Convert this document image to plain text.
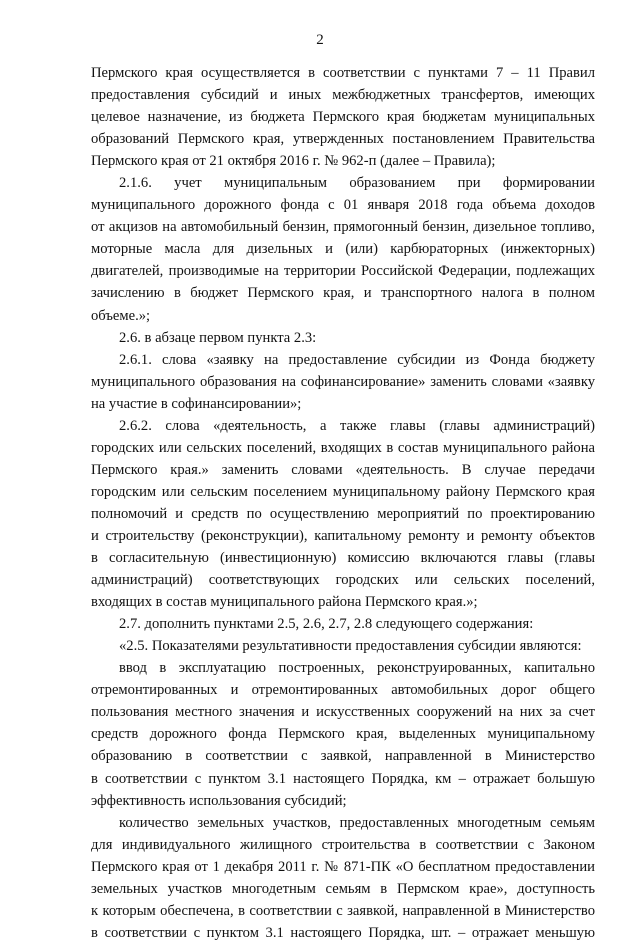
2
Пермского края осуществляется в соответствии с пунктами 7 – 11 Правил
предоставления субсидий и иных межбюджетных трансфертов, имеющих
целевое назначение, из бюджета Пермского края бюджетам муниципальных
образований Пермского края, утвержденных постановлением Правительства
Пермского края от 21 октября 2016 г. № 962-п (далее – Правила);
2.1.6. учет муниципальным образованием при формировании
муниципального дорожного фонда с 01 января 2018 года объема доходов
от акцизов на автомобильный бензин, прямогонный бензин, дизельное топливо,
моторные масла для дизельных и (или) карбюраторных (инжекторных)
двигателей, производимые на территории Российской Федерации, подлежащих
зачислению в бюджет Пермского края, и транспортного налога в полном
объеме.»;
2.6. в абзаце первом пункта 2.3:
2.6.1. слова «заявку на предоставление субсидии из Фонда бюджету
муниципального образования на софинансирование» заменить словами «заявку
на участие в софинансировании»;
2.6.2. слова «деятельность, а также главы (главы администраций)
городских или сельских поселений, входящих в состав муниципального района
Пермского края.» заменить словами «деятельность. В случае передачи
городским или сельским поселением муниципальному району Пермского края
полномочий и средств по осуществлению мероприятий по проектированию
и строительству (реконструкции), капитальному ремонту и ремонту объектов
в согласительную (инвестиционную) комиссию включаются главы (главы
администраций) соответствующих городских или сельских поселений,
входящих в состав муниципального района Пермского края.»;
2.7. дополнить пунктами 2.5, 2.6, 2.7, 2.8 следующего содержания:
«2.5. Показателями результативности предоставления субсидии являются:
ввод в эксплуатацию построенных, реконструированных, капитально
отремонтированных и отремонтированных автомобильных дорог общего
пользования местного значения и искусственных сооружений на них за счет
средств дорожного фонда Пермского края, выделенных муниципальному
образованию в соответствии с заявкой, направленной в Министерство
в соответствии с пунктом 3.1 настоящего Порядка, км – отражает большую
эффективность использования субсидий;
количество земельных участков, предоставленных многодетным семьям
для индивидуального жилищного строительства в соответствии с Законом
Пермского края от 1 декабря 2011 г. № 871-ПК «О бесплатном предоставлении
земельных участков многодетным семьям в Пермском крае», доступность
к которым обеспечена, в соответствии с заявкой, направленной в Министерство
в соответствии с пунктом 3.1 настоящего Порядка, шт. – отражает меньшую
